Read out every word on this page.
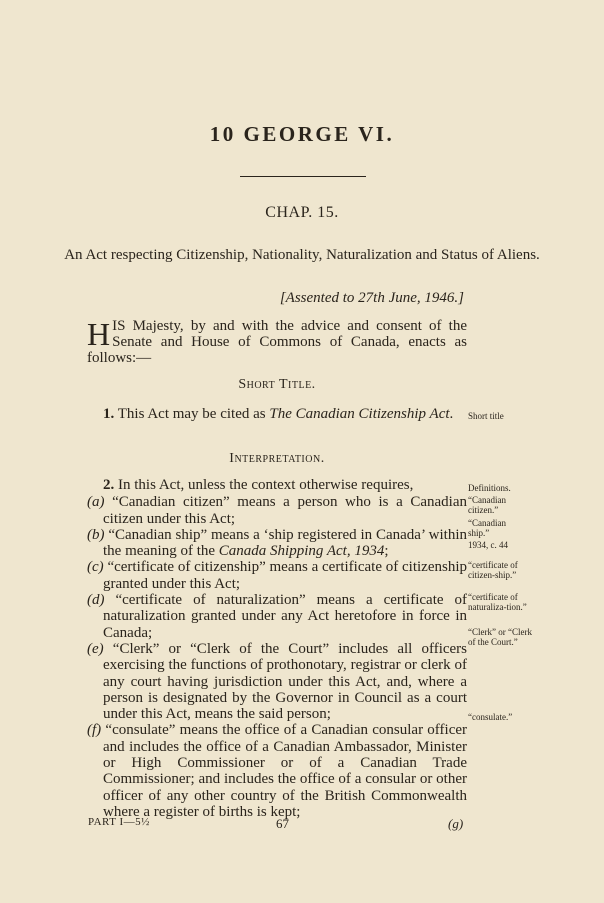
10 GEORGE VI.
CHAP. 15.
An Act respecting Citizenship, Nationality, Naturalization and Status of Aliens.
[Assented to 27th June, 1946.]
HIS Majesty, by and with the advice and consent of the Senate and House of Commons of Canada, enacts as follows:—
Short Title.

1. This Act may be cited as The Canadian Citizenship Act.	Short title
Interpretation.

2. In this Act, unless the context otherwise requires,

(a) “Canadian citizen” means a person who is a Canadian citizen under this Act;

(b) “Canadian ship” means a ‘ship registered in Canada’ within the meaning of the Canada Shipping Act, 1934;

(c) “certificate of citizenship” means a certificate of citizenship granted under this Act;

(d) “certificate of naturalization” means a certificate of naturalization granted under any Act heretofore in force in Canada;

(e) “Clerk” or “Clerk of the Court” includes all officers exercising the functions of prothonotary, registrar or clerk of any court having jurisdiction under this Act, and, where a person is designated by the Governor in Council as a court under this Act, means the said person;

(f) “consulate” means the office of a Canadian consular officer and includes the office of a Canadian Ambassador, Minister or High Commissioner or of a Canadian Trade Commissioner; and includes the office of a consular or other officer of any other country of the British Commonwealth where a register of births is kept;

Definitions.
“Canadian citizen.”
“Canadian ship.”
1934, c. 44
“certificate of citizen-ship.”
“certificate of naturaliza-tion.”
“Clerk” or “Clerk of the Court.”
“consulate.”
PART I—5½	67	(g)
